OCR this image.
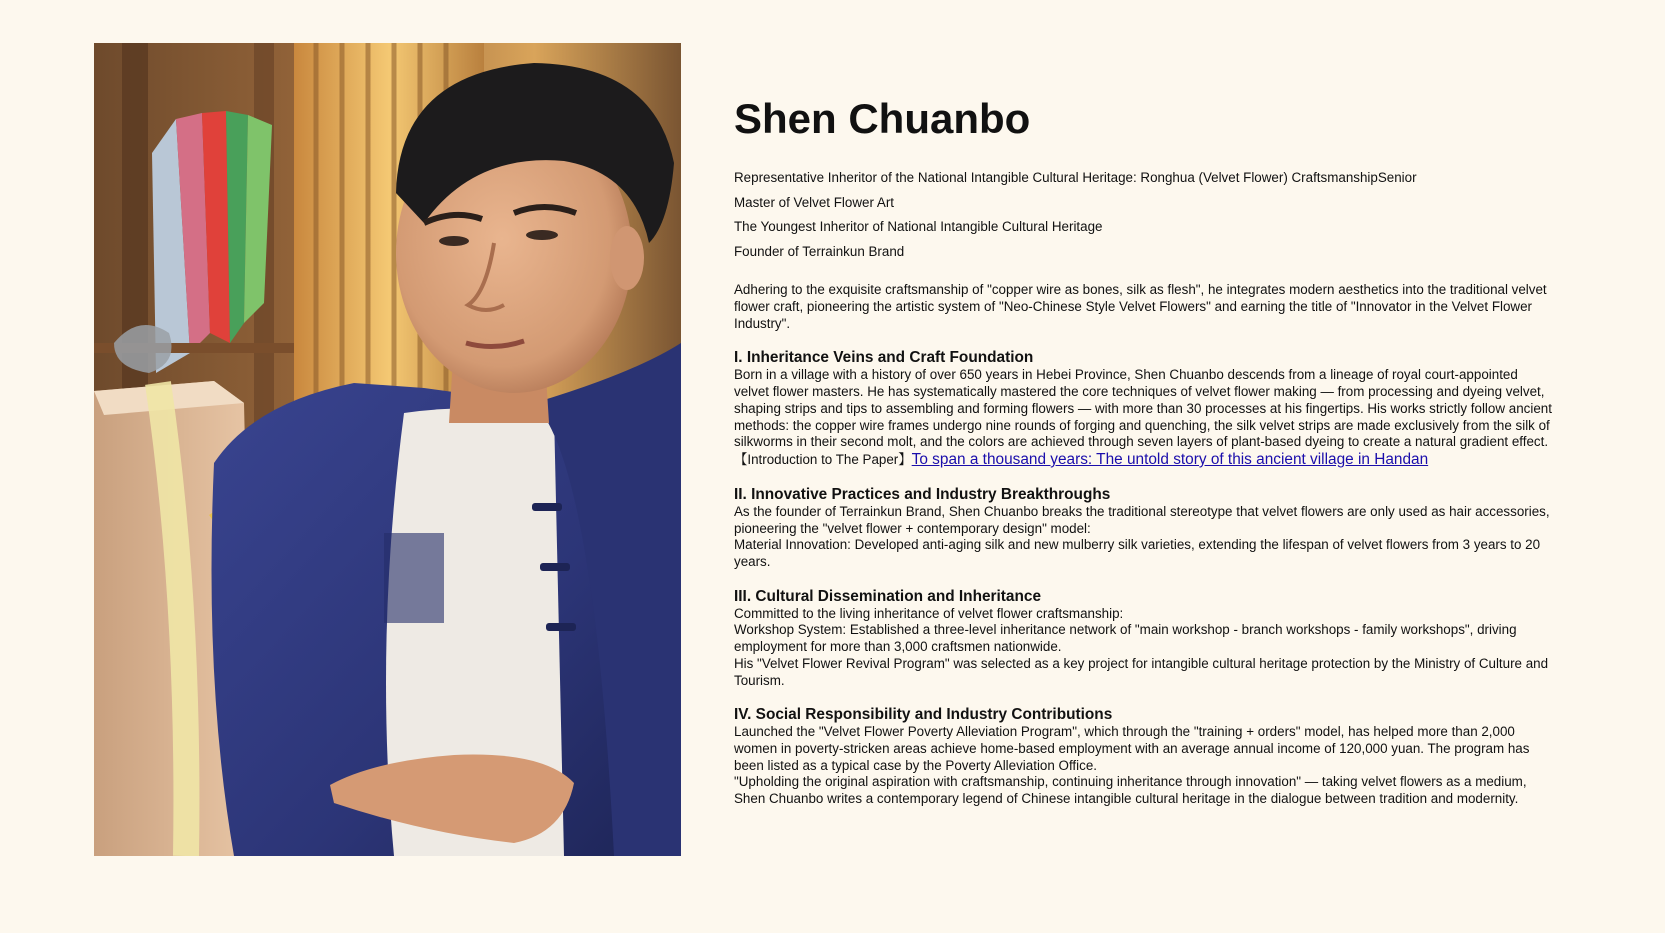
Shen Chuanbo
Representative Inheritor of the National Intangible Cultural Heritage: Ronghua (Velvet Flower) CraftsmanshipSenior
Master of Velvet Flower Art
The Youngest Inheritor of National Intangible Cultural Heritage
Founder of Terrainkun Brand

Adhering to the exquisite craftsmanship of "copper wire as bones, silk as flesh", he integrates modern aesthetics into the traditional velvet flower craft, pioneering the artistic system of "Neo-Chinese Style Velvet Flowers" and earning the title of "Innovator in the Velvet Flower Industry".

I. Inheritance Veins and Craft Foundation

Born in a village with a history of over 650 years in Hebei Province, Shen Chuanbo descends from a lineage of royal court-appointed velvet flower masters. He has systematically mastered the core techniques of velvet flower making — from processing and dyeing velvet, shaping strips and tips to assembling and forming flowers — with more than 30 processes at his fingertips. His works strictly follow ancient methods: the copper wire frames undergo nine rounds of forging and quenching, the silk velvet strips are made exclusively from the silk of silkworms in their second molt, and the colors are achieved through seven layers of plant-based dyeing to create a natural gradient effect.

【Introduction to The Paper】To span a thousand years: The untold story of this ancient village in Handan
II. Innovative Practices and Industry Breakthroughs

As the founder of Terrainkun Brand, Shen Chuanbo breaks the traditional stereotype that velvet flowers are only used as hair accessories, pioneering the "velvet flower + contemporary design" model:

Material Innovation: Developed anti-aging silk and new mulberry silk varieties, extending the lifespan of velvet flowers from 3 years to 20 years.

III. Cultural Dissemination and Inheritance

Committed to the living inheritance of velvet flower craftsmanship:

Workshop System: Established a three-level inheritance network of "main workshop - branch workshops - family workshops", driving employment for more than 3,000 craftsmen nationwide.

His "Velvet Flower Revival Program" was selected as a key project for intangible cultural heritage protection by the Ministry of Culture and Tourism.

IV. Social Responsibility and Industry Contributions

Launched the "Velvet Flower Poverty Alleviation Program", which through the "training + orders" model, has helped more than 2,000 women in poverty-stricken areas achieve home-based employment with an average annual income of 120,000 yuan. The program has been listed as a typical case by the Poverty Alleviation Office.

"Upholding the original aspiration with craftsmanship, continuing inheritance through innovation" — taking velvet flowers as a medium, Shen Chuanbo writes a contemporary legend of Chinese intangible cultural heritage in the dialogue between tradition and modernity.
